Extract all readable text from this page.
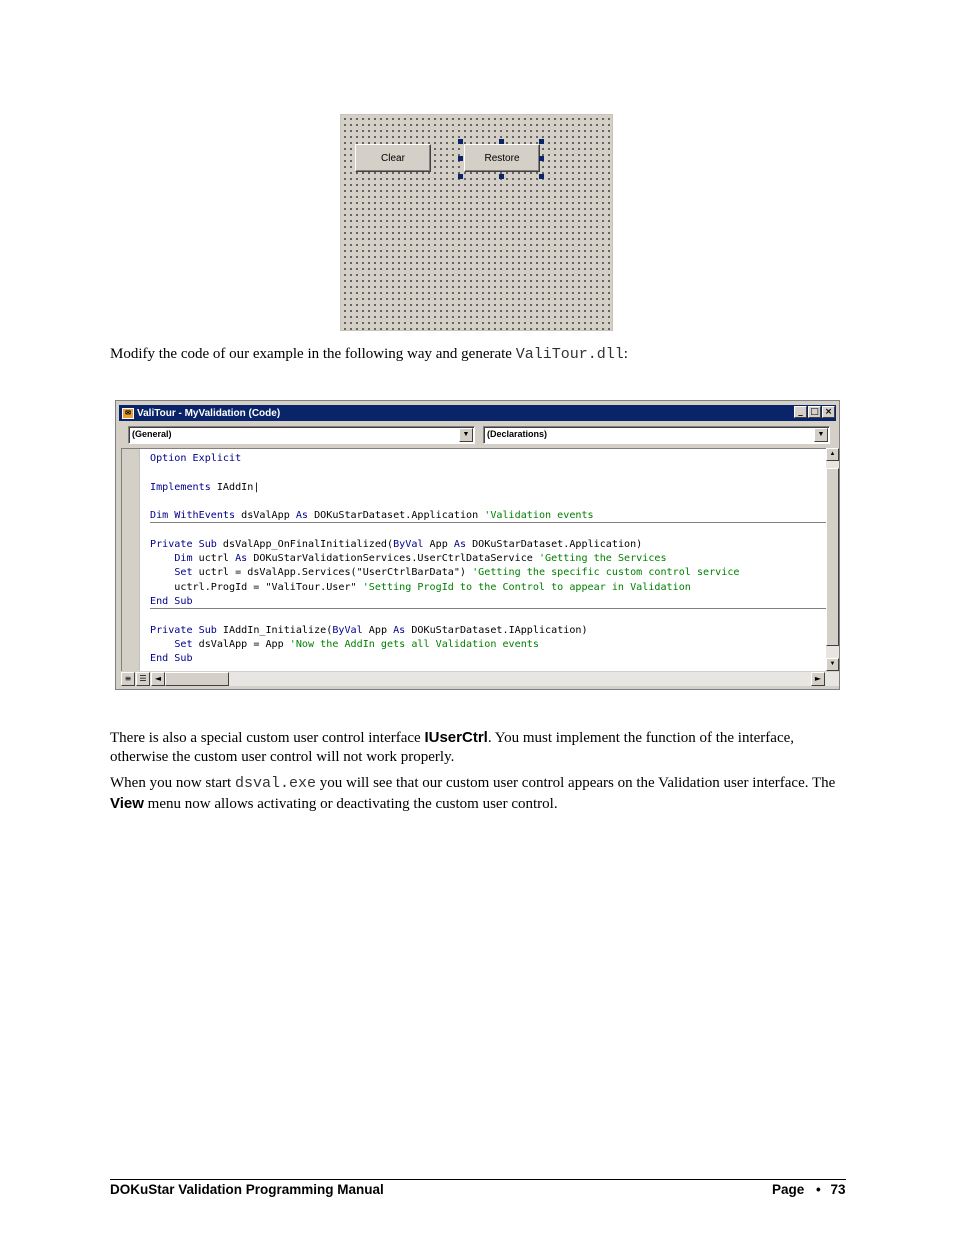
Clear	Restore
Modify the code of our example in the following way and generate ValiTour.dll:
✉ ValiTour - MyValidation (Code)	_ □ ×
(General)	▼	(Declarations)	▼
Option Explicit

Implements IAddIn|

Dim WithEvents dsValApp As DOKuStarDataset.Application 'Validation events

Private Sub dsValApp_OnFinalInitialized(ByVal App As DOKuStarDataset.Application)
Dim uctrl As DOKuStarValidationServices.UserCtrlDataService 'Getting the Services
Set uctrl = dsValApp.Services("UserCtrlBarData") 'Getting the specific custom control service
uctrl.ProgId = "ValiTour.User" 'Setting ProgId to the Control to appear in Validation
End Sub

Private Sub IAddIn_Initialize(ByVal App As DOKuStarDataset.IApplication)
Set dsValApp = App 'Now the AddIn gets all Validation events
End Sub
▲
▼
≡	☰	◄	►
There is also a special custom user control interface IUserCtrl. You must implement the function of the interface, otherwise the custom user control will not work properly.
When you now start dsval.exe you will see that our custom user control appears on the Validation user interface. The View menu now allows activating or deactivating the custom user control.
DOKuStar Validation Programming Manual	Page • 73
